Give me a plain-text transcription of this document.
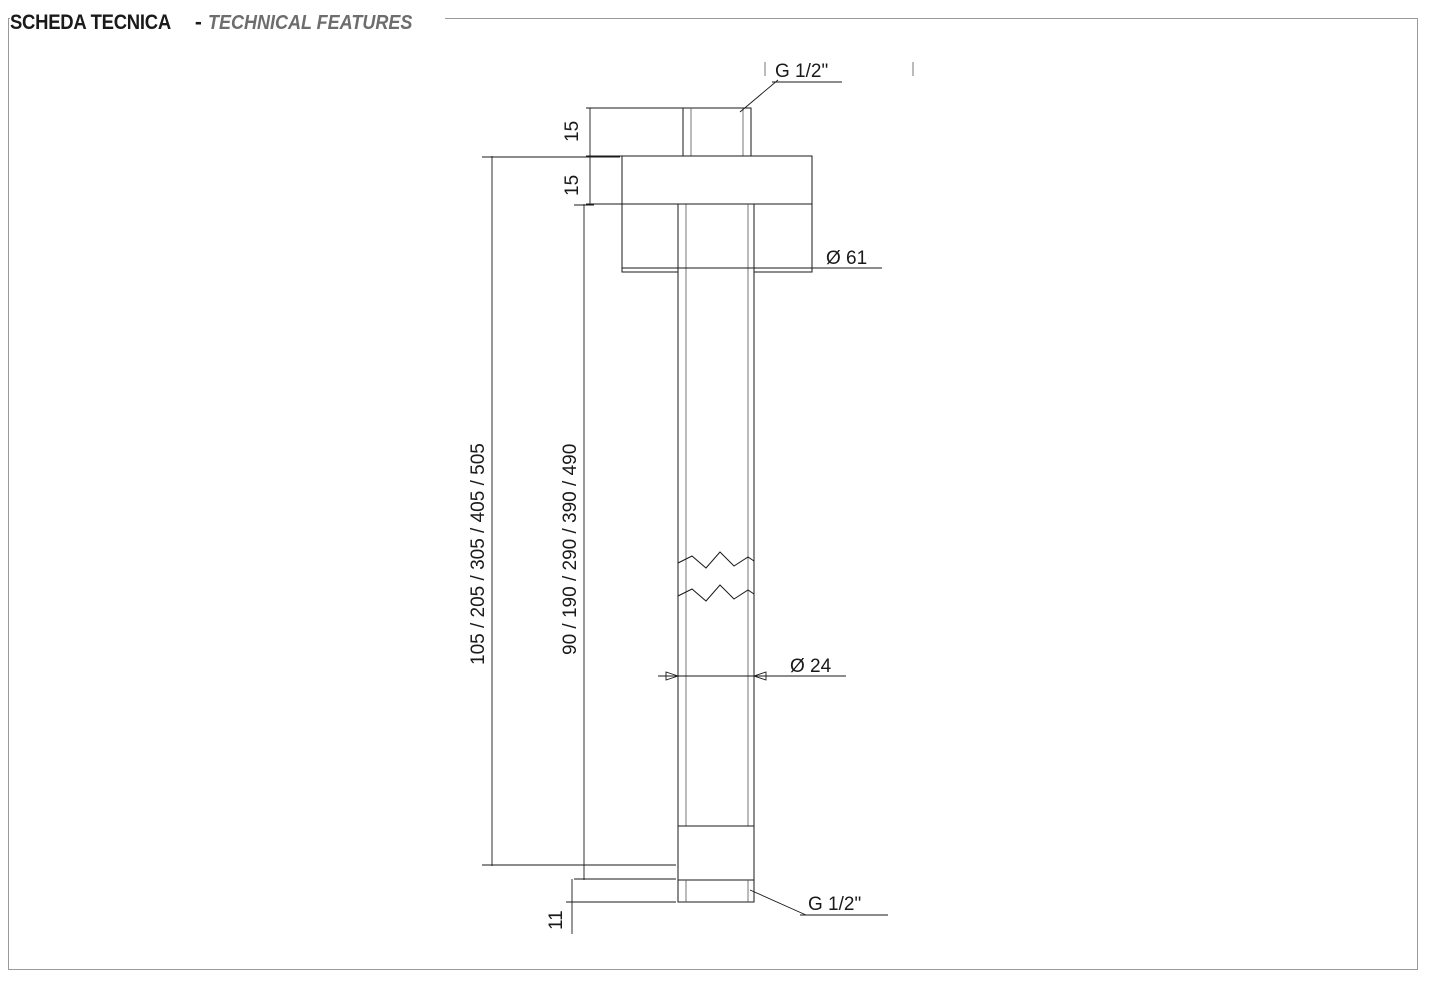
SCHEDA TECNICA - TECHNICAL FEATURES
G 1/2"
Ø 61
Ø 24
15
15
105 / 205 / 305 / 405 / 505	90 / 190 / 290 / 390 / 490
11
G 1/2"
